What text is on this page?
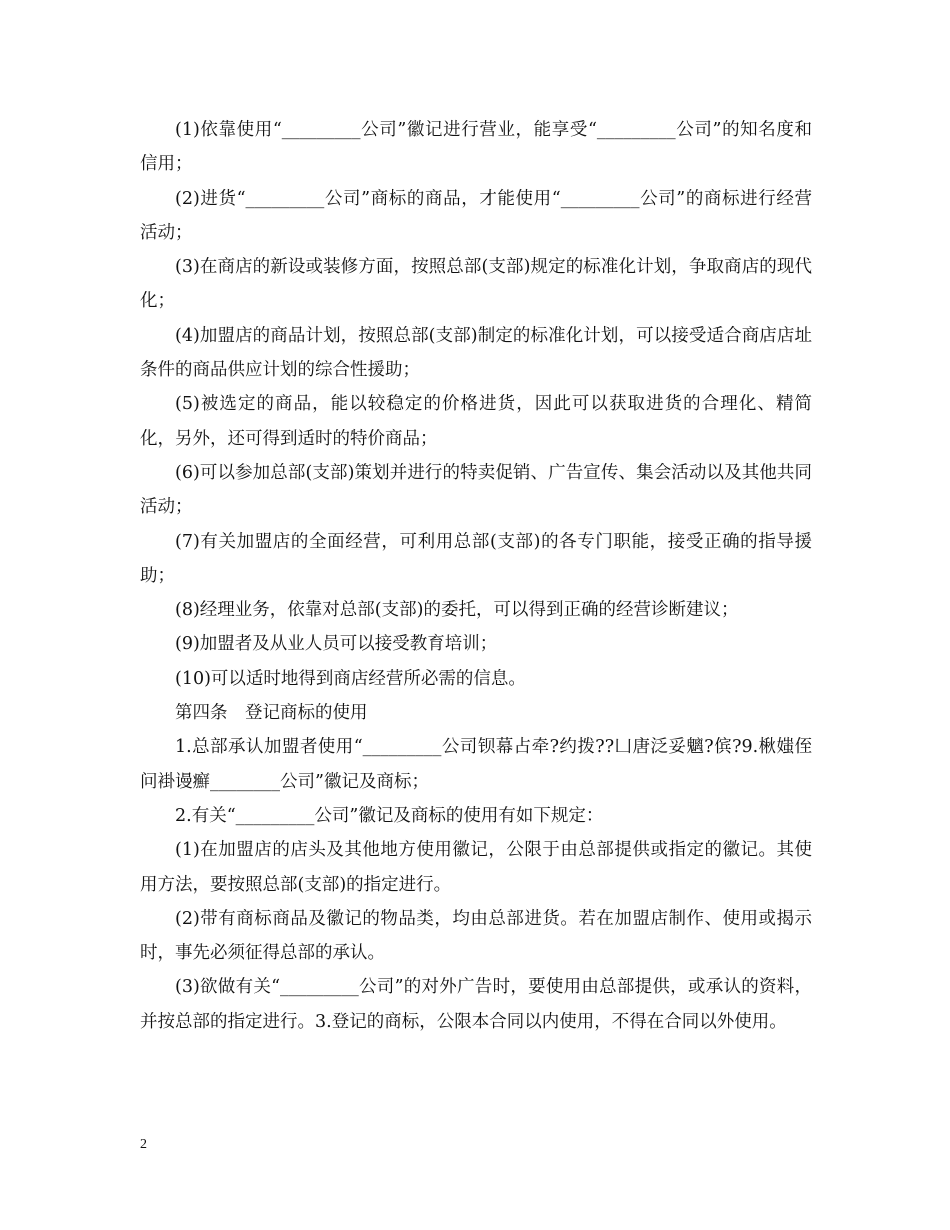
(1)依靠使用“_________公司”徽记进行营业，能享受“_________公司”的知名度和信用；

(2)进货“_________公司”商标的商品，才能使用“_________公司”的商标进行经营活动；

(3)在商店的新设或装修方面，按照总部(支部)规定的标准化计划，争取商店的现代化；

(4)加盟店的商品计划，按照总部(支部)制定的标准化计划，可以接受适合商店店址条件的商品供应计划的综合性援助；

(5)被选定的商品，能以较稳定的价格进货，因此可以获取进货的合理化、精简化，另外，还可得到适时的特价商品；

(6)可以参加总部(支部)策划并进行的特卖促销、广告宣传、集会活动以及其他共同活动；

(7)有关加盟店的全面经营，可利用总部(支部)的各专门职能，接受正确的指导援助；

(8)经理业务，依靠对总部(支部)的委托，可以得到正确的经营诊断建议；

(9)加盟者及从业人员可以接受教育培训；

(10)可以适时地得到商店经营所必需的信息。

第四条　登记商标的使用

1.总部承认加盟者使用“_________公司钡幕占牵?约拨??凵唐泛妥魑?傧?9.楸媸侄问褂谩癬________公司”徽记及商标；

2.有关“_________公司”徽记及商标的使用有如下规定：

(1)在加盟店的店头及其他地方使用徽记，公限于由总部提供或指定的徽记。其使用方法，要按照总部(支部)的指定进行。

(2)带有商标商品及徽记的物品类，均由总部进货。若在加盟店制作、使用或揭示时，事先必须征得总部的承认。

(3)欲做有关“_________公司”的对外广告时，要使用由总部提供，或承认的资料，并按总部的指定进行。3.登记的商标，公限本合同以内使用，不得在合同以外使用。

2
